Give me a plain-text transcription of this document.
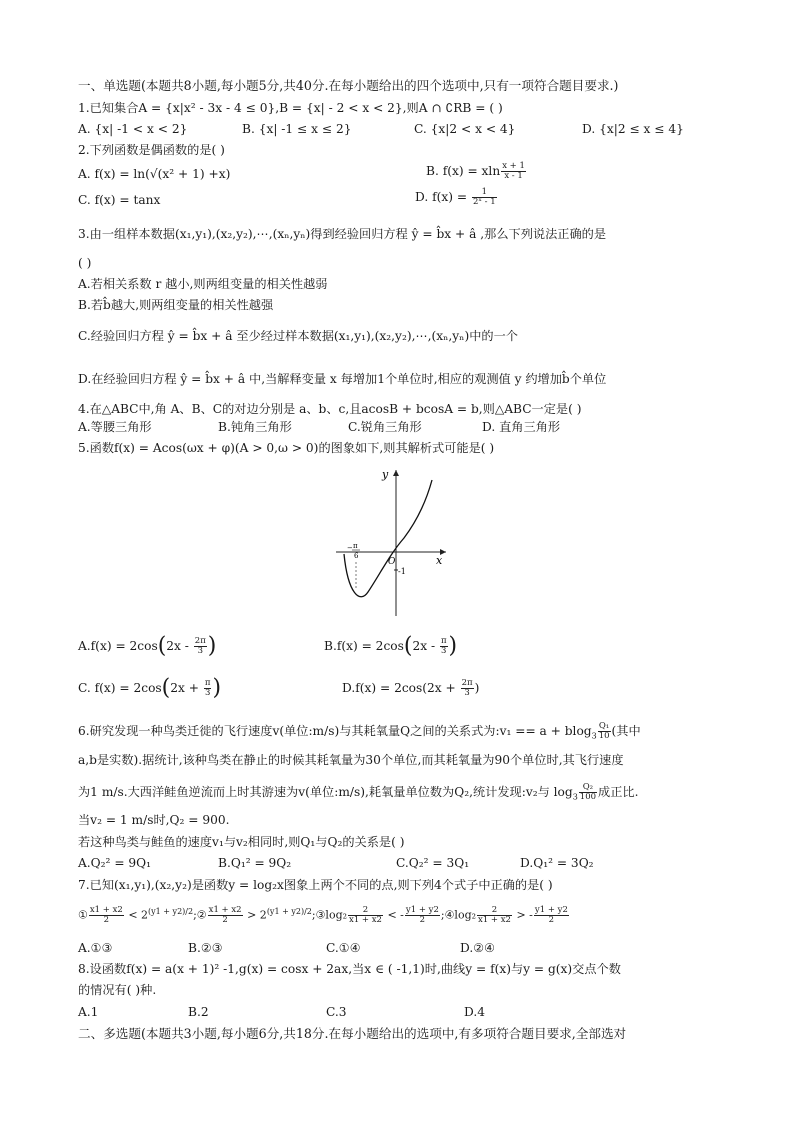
一、单选题(本题共8小题,每小题5分,共40分.在每小题给出的四个选项中,只有一项符合题目要求.)
1.已知集合A = {x|x² - 3x - 4 ≤ 0},B = {x| - 2 < x < 2},则A ∩ ∁RB = ( )
A. {x| -1 < x < 2}	B. {x| -1 ≤ x ≤ 2}	C. {x|2 < x < 4}	D. {x|2 ≤ x ≤ 4}
2.下列函数是偶函数的是( )
A. f(x) = ln(√(x² + 1) +x)	B. f(x) = xln $\frac{x + 1}{x - 1}$
C. f(x) = tanx	D. $f(x) = \frac{1}{\text{2ˣ - 1}}$
3.由一组样本数据(x₁,y₁),(x₂,y₂),⋯,(xₙ,yₙ)得到经验回归方程 ŷ = b̂x + â ,那么下列说法正确的是
( )
A.若相关系数 r 越小,则两组变量的相关性越弱
B.若b̂越大,则两组变量的相关性越强
C.经验回归方程 ŷ = b̂x + â 至少经过样本数据(x₁,y₁),(x₂,y₂),⋯,(xₙ,yₙ)中的一个
D.在经验回归方程 ŷ = b̂x + â 中,当解释变量 x 每增加1个单位时,相应的观测值 y 约增加b̂个单位
4.在△ABC中,角 A、B、C的对边分别是 a、b、c,且acosB + bcosA = b,则△ABC一定是( )
A.等腰三角形	B.钝角三角形	C.锐角三角形	D. 直角三角形
5.函数f(x) = Acos(ωx + φ)(A > 0,ω > 0)的图象如下,则其解析式可能是( )
y
x
O
− π
6
-1
$A.f(x) = 2\cos(2x - \frac{2\pi}{3}$ )	$B.f(x) = 2\cos(2x - \frac{\pi}{3}$ )
C. $f(x) = 2\cos(2x + \frac{\pi}{3}$ )	$D.f(x) = 2\cos(2x + \frac{2\pi}{3}$ )
6.研究发现一种鸟类迁徙的飞行速度v(单位:m/s)与其耗氧量Q之间的关系式为:v₁ == $a + blog_3 \frac{\text{Q₁}}{10}$ (其中
a,b是实数).据统计,该种鸟类在静止的时候其耗氧量为30个单位,而其耗氧量为90个单位时,其飞行速度
为1 m/s.大西洋鲑鱼逆流而上时其游速为v(单位:m/s),耗氧量单位数为Q₂,统计发现:v₂与 $\log_3 \frac{\text{Q₂}}{100}$ 成正比.
当v₂ = 1 m/s时,Q₂ = 900.
若这种鸟类与鲑鱼的速度v₁与v₂相同时,则Q₁与Q₂的关系是( )
A.Q₂² = 9Q₁	B.Q₁² = 9Q₂	C.Q₂² = 3Q₁	D.Q₁² = 3Q₂
7.已知(x₁,y₁),(x₂,y₂)是函数y = log₂x图象上两个不同的点,则下列4个式子中正确的是( )
① $\frac{x1 + x2}{2}$ < $2^{(y1 + y2)/2};② \frac{x1 + x2}{2}$ > $2^{(y1 + y2)/2};③\log_2 \frac{2}{x1 + x2}$ < - $\frac{y1 + y2}{2}$ ;④log₂ $\frac{2}{x1 + x2}$ > - $\frac{y1 + y2}{2}$
A.①③	B.②③	C.①④	D.②④
8.设函数f(x) = a(x + 1)² -1,g(x) = cosx + 2ax,当x ∈ ( -1,1)时,曲线y = f(x)与y = g(x)交点个数
的情况有( )种.
A.1	B.2	C.3	D.4
二、多选题(本题共3小题,每小题6分,共18分.在每小题给出的选项中,有多项符合题目要求,全部选对
